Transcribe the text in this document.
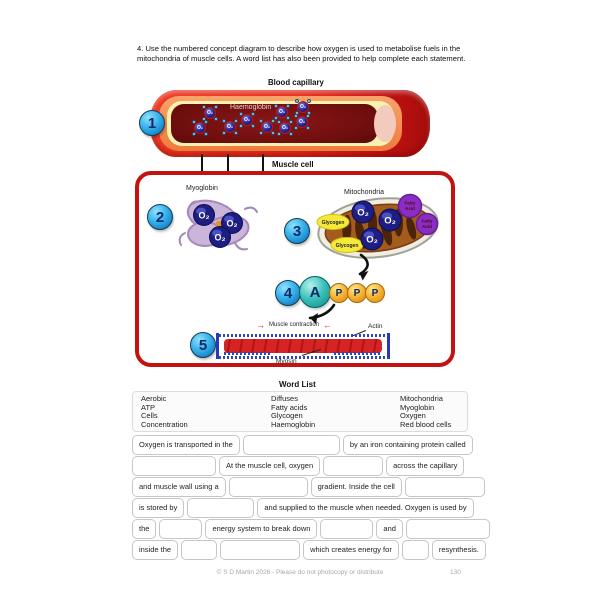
4. Use the numbered concept diagram to describe how oxygen is used to metabolise fuels in the mitochondria of muscle cells. A word list has also been provided to help complete each statement.
Blood capillary
Haemoglobin
O₂
O₂
O₂
O₂
O₂
O₂
O₂
O₂
O₂
1
Muscle cell
2
Myoglobin
O₂
O₂
O₂	3
Mitochondria
Fatty
Acid
Fatty
Acid
Glycogen
Glycogen
O₂
O₂
O₂
4	A	P	P	P
→ Muscle contraction ←	Actin
5
Myosin
Word List
Aerobic
ATP
Cells
Concentration
Diffuses
Fatty acids
Glycogen
Haemoglobin
Mitochondria
Myoglobin
Oxygen
Red blood cells
Oxygen is transported in the	by an iron containing protein called
At the muscle cell, oxygen	across the capillary
and muscle wall using a	gradient. Inside the cell
is stored by	and supplied to the muscle when needed. Oxygen is used by
the	energy system to break down	and
inside the	which creates energy for	resynthesis.
© S D Martin 2026 - Please do not photocopy or distribute	130
